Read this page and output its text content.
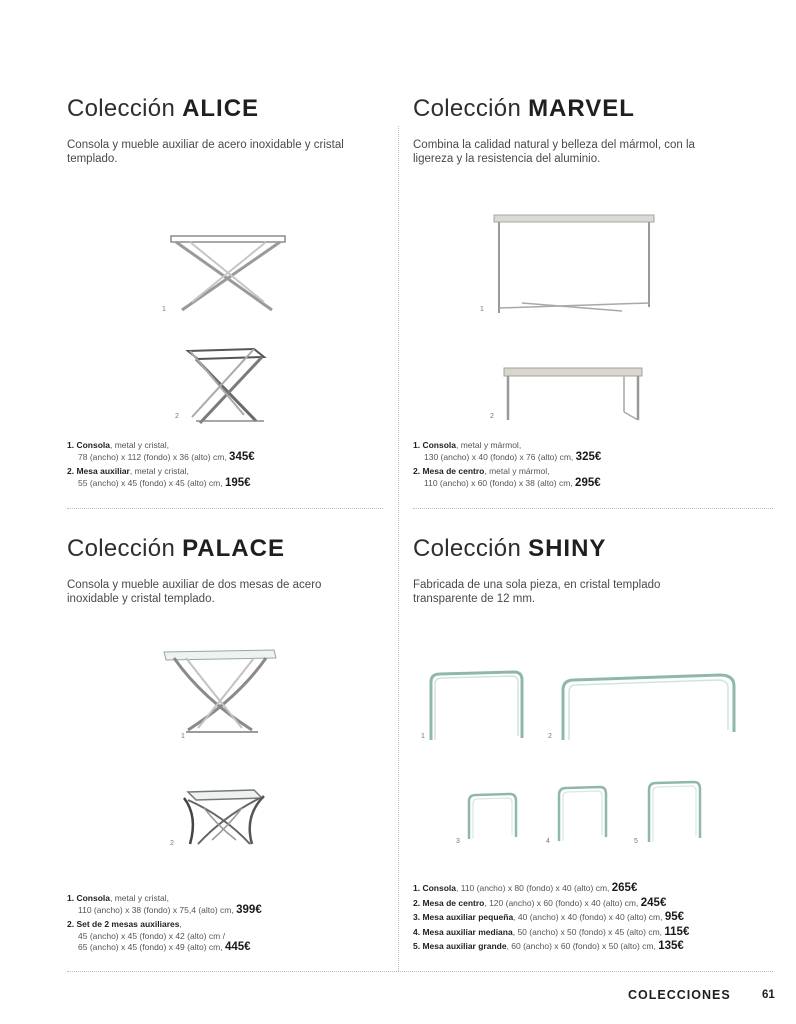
Colección ALICE

Consola y mueble auxiliar de acero inoxidable y cristal templado.

1
2
1. Consola, metal y cristal,
78 (ancho) x 112 (fondo) x 36 (alto) cm, 345€
2. Mesa auxiliar, metal y cristal,
55 (ancho) x 45 (fondo) x 45 (alto) cm, 195€
Colección MARVEL

Combina la calidad natural y belleza del mármol, con la ligereza y la resistencia del aluminio.

1
2
1. Consola, metal y mármol,
130 (ancho) x 40 (fondo) x 76 (alto) cm, 325€
2. Mesa de centro, metal y mármol,
110 (ancho) x 60 (fondo) x 38 (alto) cm, 295€
Colección PALACE

Consola y mueble auxiliar de dos mesas de acero inoxidable y cristal templado.

1
2
1. Consola, metal y cristal,
110 (ancho) x 38 (fondo) x 75,4 (alto) cm, 399€
2. Set de 2 mesas auxiliares,
45 (ancho) x 45 (fondo) x 42 (alto) cm /
65 (ancho) x 45 (fondo) x 49 (alto) cm, 445€
Colección SHINY

Fabricada de una sola pieza, en cristal templado transparente de 12 mm.

1	2
3	4	5
1. Consola, 110 (ancho) x 80 (fondo) x 40 (alto) cm, 265€
2. Mesa de centro, 120 (ancho) x 60 (fondo) x 40 (alto) cm, 245€
3. Mesa auxiliar pequeña, 40 (ancho) x 40 (fondo) x 40 (alto) cm, 95€
4. Mesa auxiliar mediana, 50 (ancho) x 50 (fondo) x 45 (alto) cm, 115€
5. Mesa auxiliar grande, 60 (ancho) x 60 (fondo) x 50 (alto) cm, 135€
COLECCIONES	61
